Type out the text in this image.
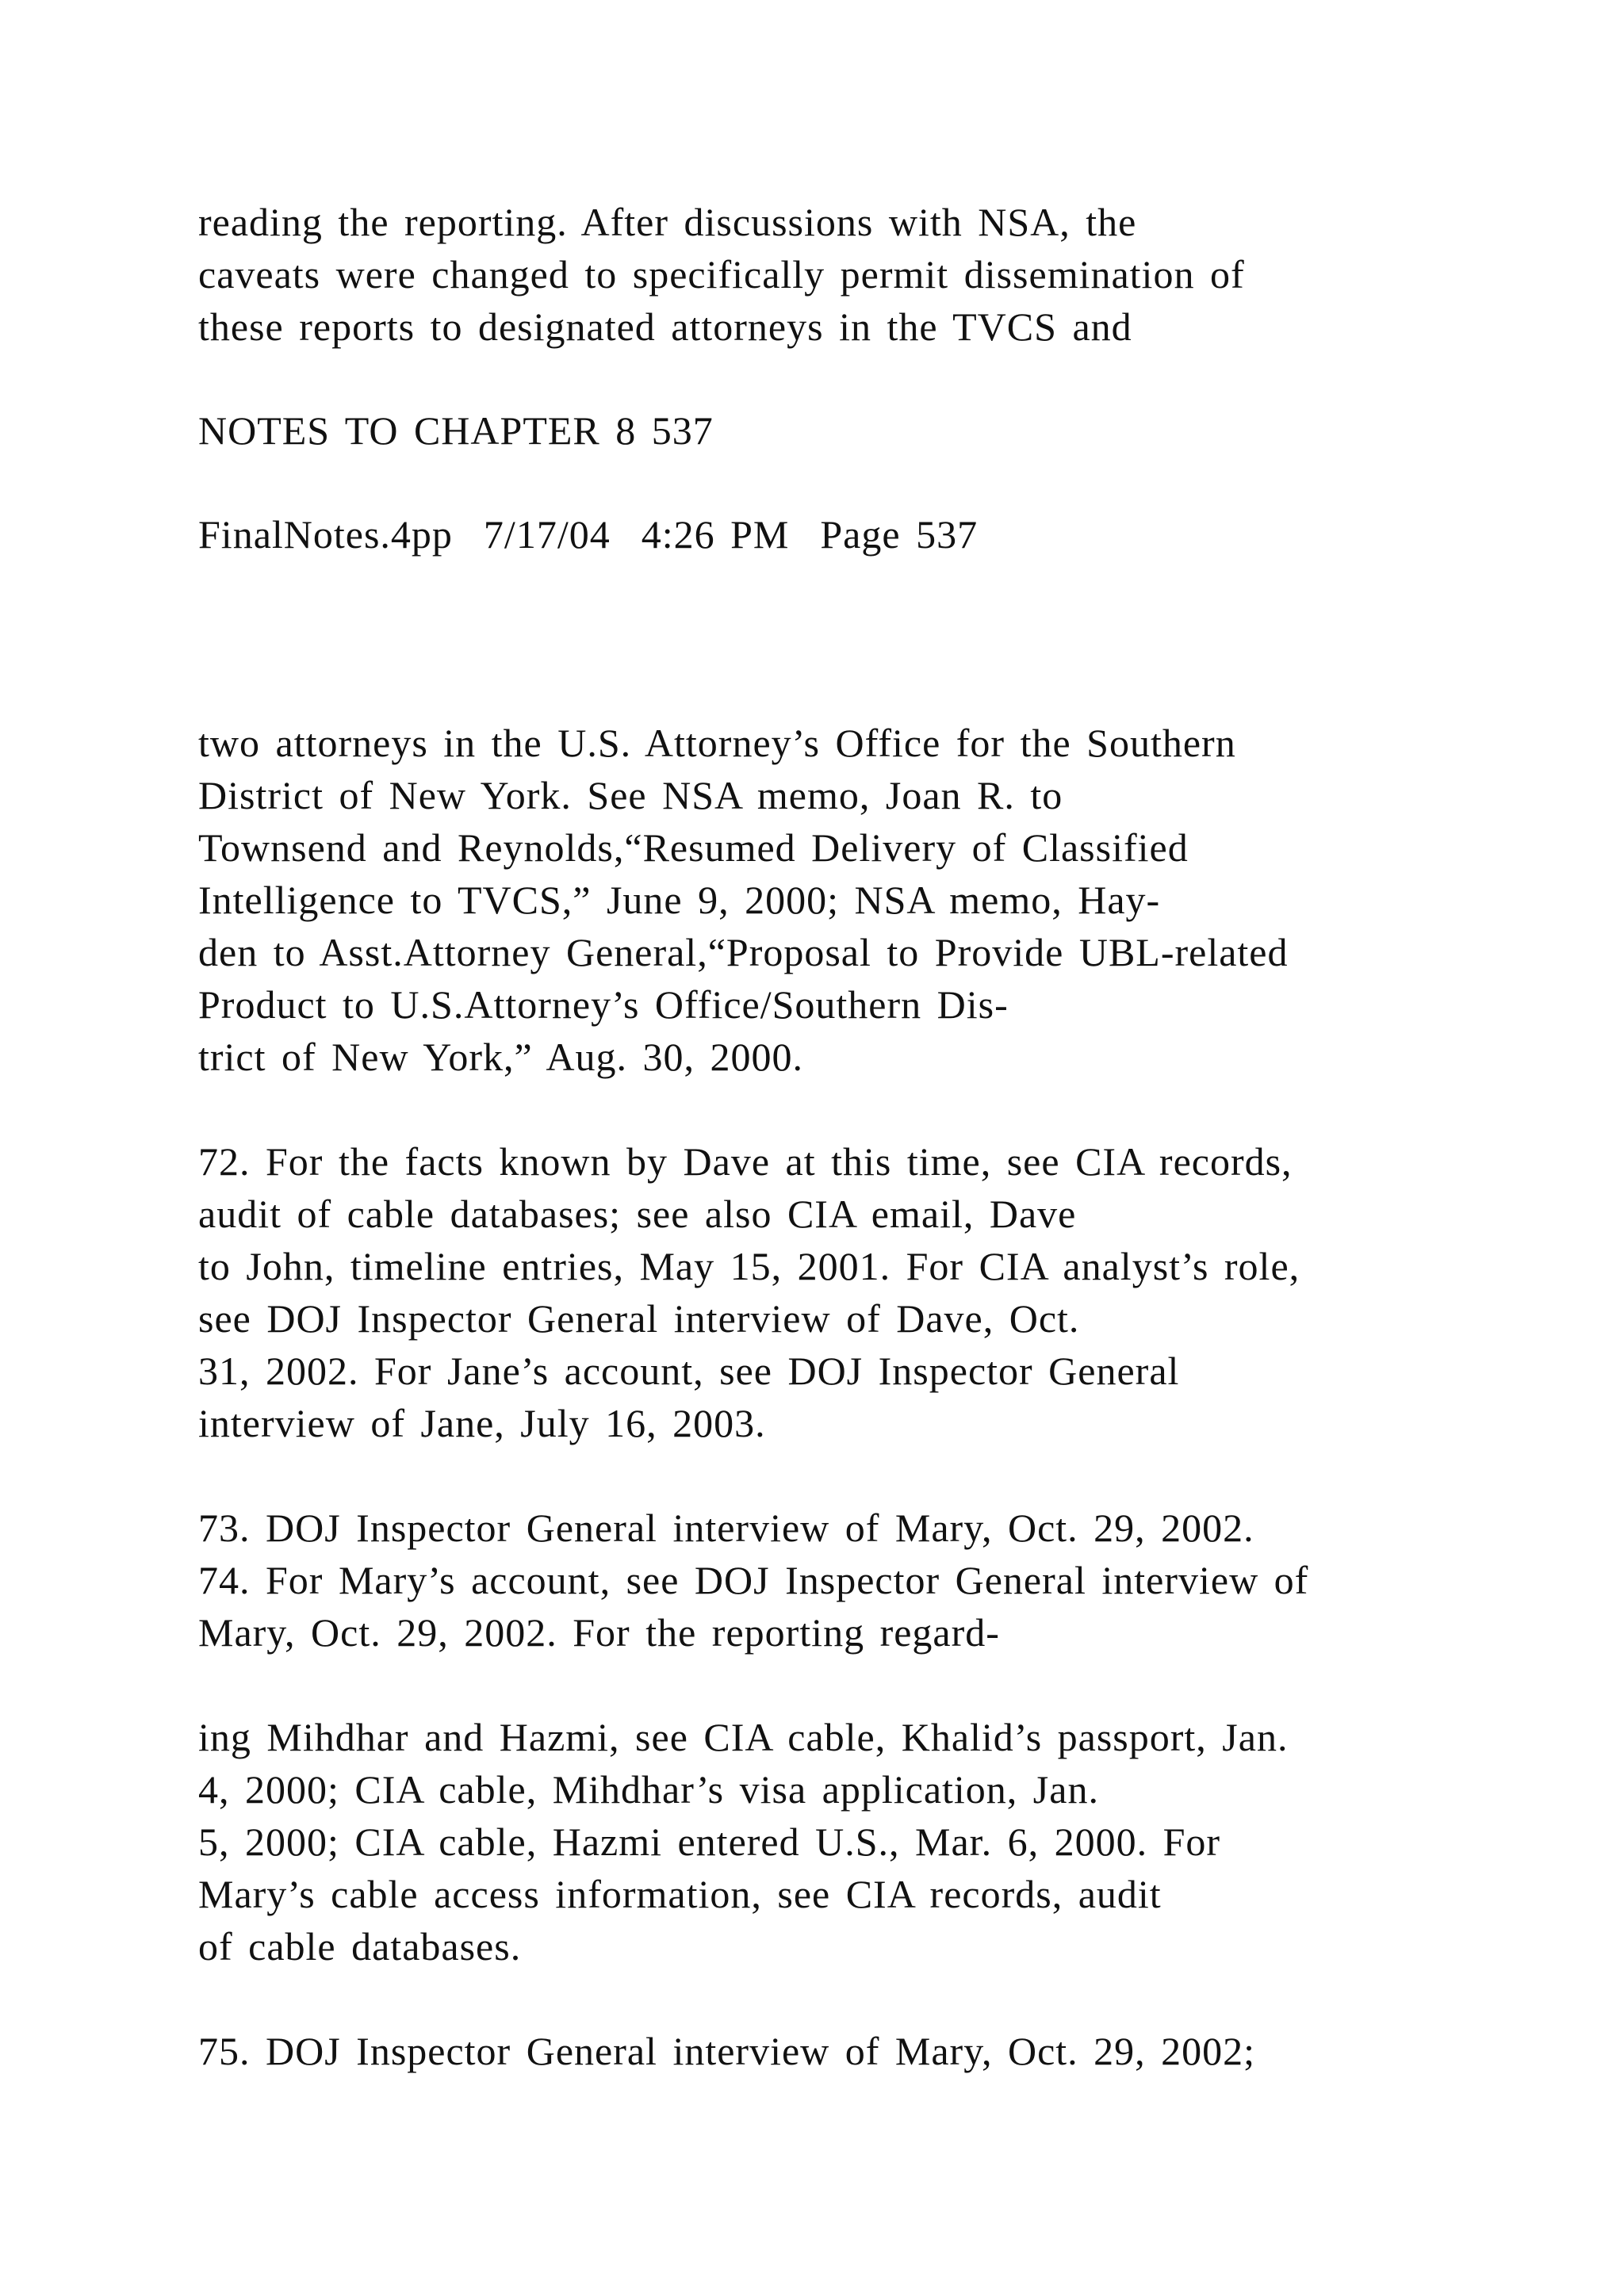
reading the reporting. After discussions with NSA, the

caveats were changed to specifically permit dissemination of

these reports to designated attorneys in the TVCS and

NOTES TO CHAPTER 8 537

FinalNotes.4pp  7/17/04  4:26 PM  Page 537

two attorneys in the U.S. Attorney’s Office for the Southern

District of New York. See NSA memo, Joan R. to

Townsend and Reynolds,“Resumed Delivery of Classified

Intelligence to TVCS,” June 9, 2000; NSA memo, Hay-

den to Asst.Attorney General,“Proposal to Provide UBL-related

Product to U.S.Attorney’s Office/Southern Dis-

trict of New York,” Aug. 30, 2000.

72. For the facts known by Dave at this time, see CIA records,

audit of cable databases; see also CIA email, Dave

to John, timeline entries, May 15, 2001. For CIA analyst’s role,

see DOJ Inspector General interview of Dave, Oct.

31, 2002. For Jane’s account, see DOJ Inspector General

interview of Jane, July 16, 2003.

73. DOJ Inspector General interview of Mary, Oct. 29, 2002.

74. For Mary’s account, see DOJ Inspector General interview of

Mary, Oct. 29, 2002. For the reporting regard-

ing Mihdhar and Hazmi, see CIA cable, Khalid’s passport, Jan.

4, 2000; CIA cable, Mihdhar’s visa application, Jan.

5, 2000; CIA cable, Hazmi entered U.S., Mar. 6, 2000. For

Mary’s cable access information, see CIA records, audit

of cable databases.

75. DOJ Inspector General interview of Mary, Oct. 29, 2002;
